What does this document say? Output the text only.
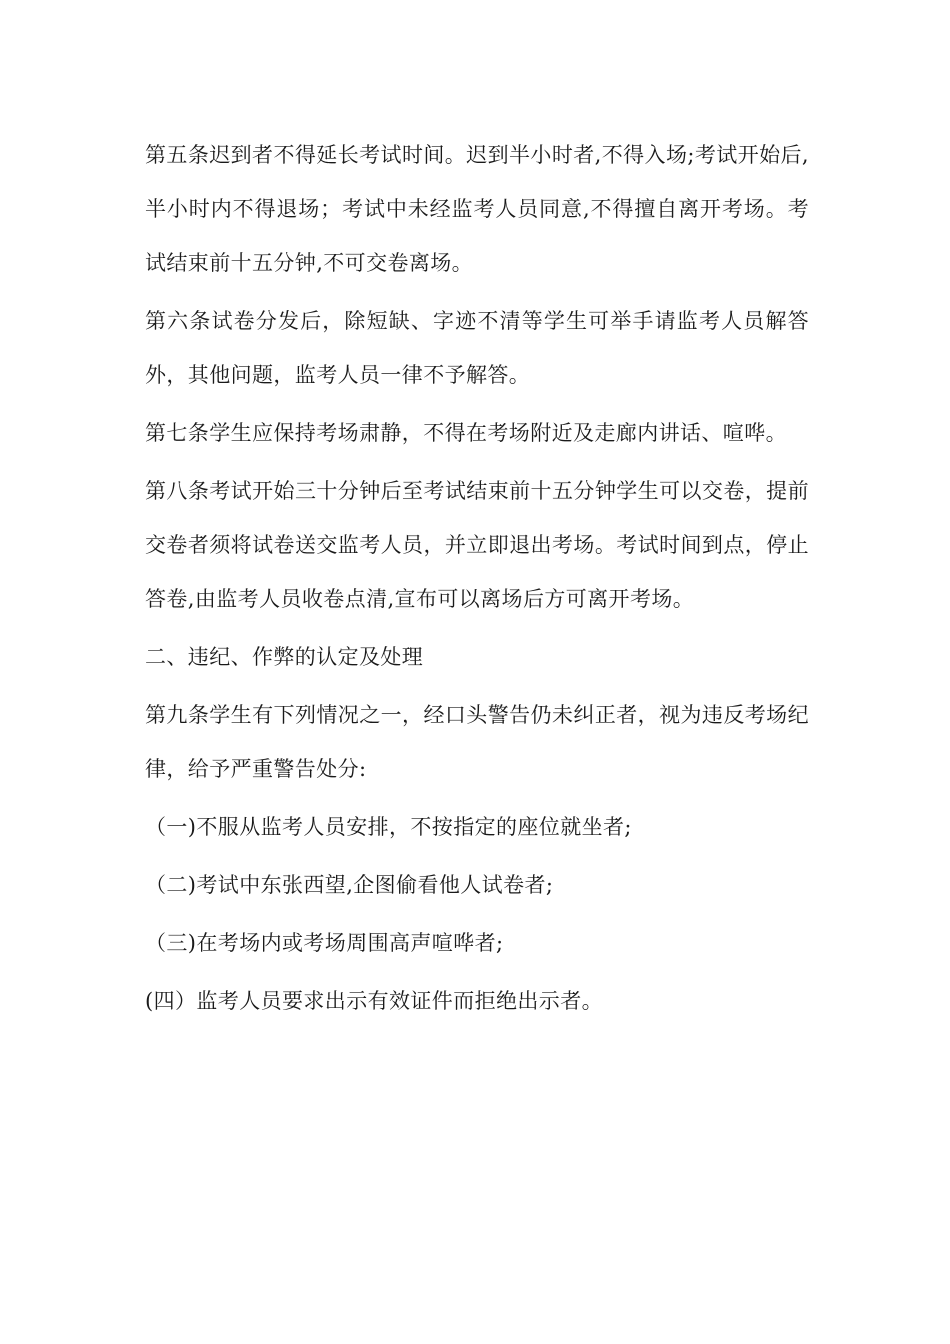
第五条迟到者不得延长考试时间。迟到半小时者,不得入场;考试开始后,半小时内不得退场；考试中未经监考人员同意,不得擅自离开考场。考试结束前十五分钟,不可交卷离场。

第六条试卷分发后，除短缺、字迹不清等学生可举手请监考人员解答外，其他问题，监考人员一律不予解答。

第七条学生应保持考场肃静，不得在考场附近及走廊内讲话、喧哗。

第八条考试开始三十分钟后至考试结束前十五分钟学生可以交卷，提前交卷者须将试卷送交监考人员，并立即退出考场。考试时间到点，停止答卷,由监考人员收卷点清,宣布可以离场后方可离开考场。

二、违纪、作弊的认定及处理

第九条学生有下列情况之一，经口头警告仍未纠正者，视为违反考场纪律，给予严重警告处分:

（一)不服从监考人员安排，不按指定的座位就坐者;

（二)考试中东张西望,企图偷看他人试卷者;

（三)在考场内或考场周围高声喧哗者;

(四）监考人员要求出示有效证件而拒绝出示者。
